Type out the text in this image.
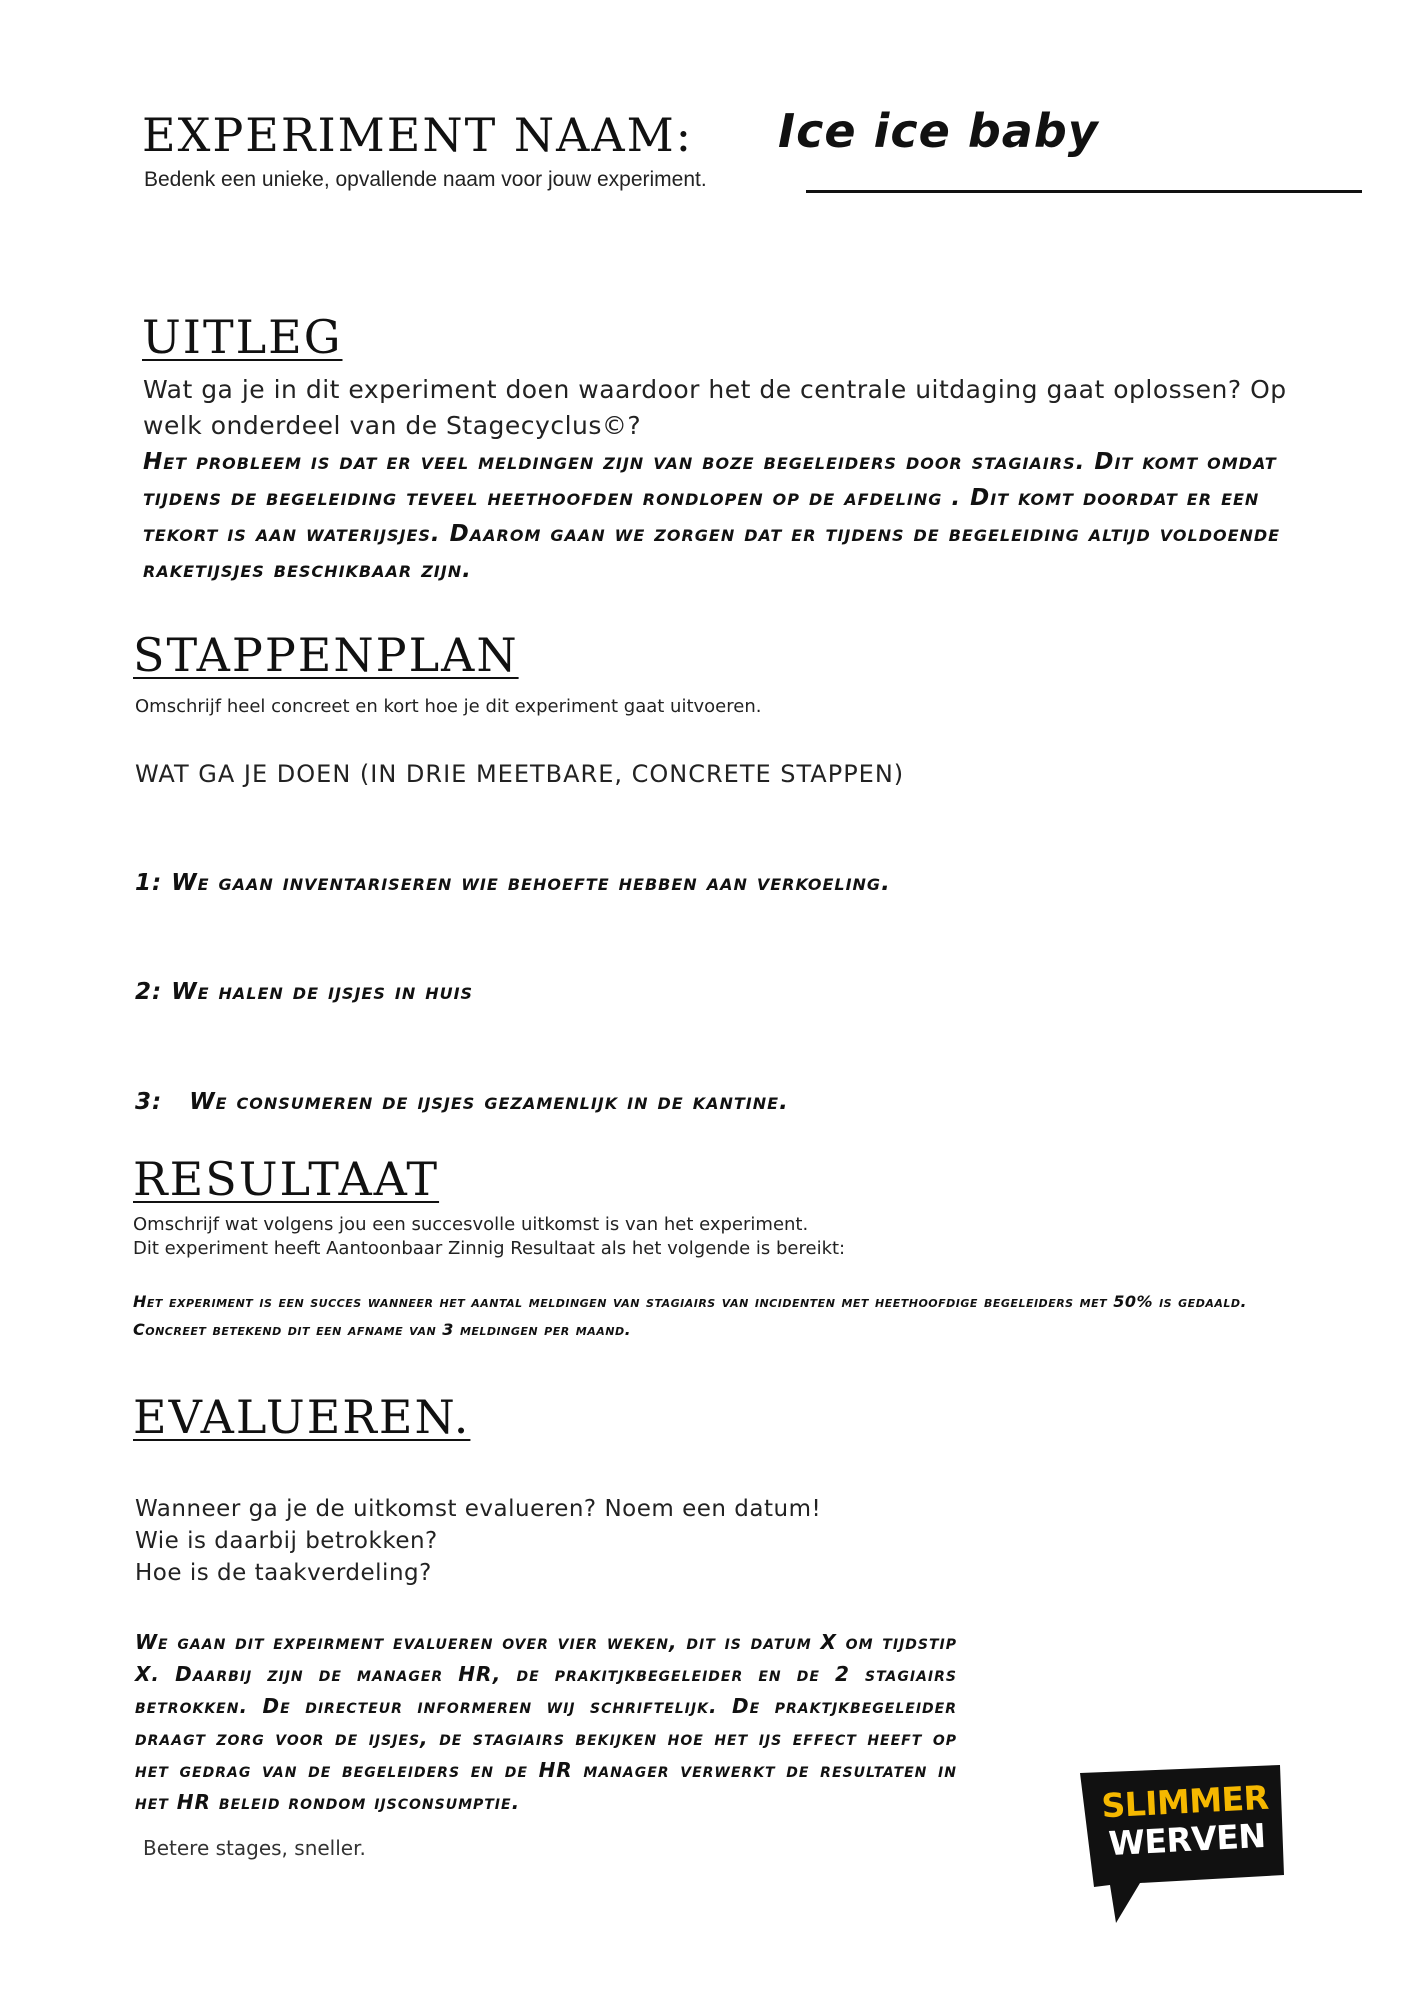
EXPERIMENT NAAM: Ice ice baby
Bedenk een unieke, opvallende naam voor jouw experiment.
UITLEG
Wat ga je in dit experiment doen waardoor het de centrale uitdaging gaat oplossen? Op welk onderdeel van de Stagecyclus©?
Het probleem is dat er veel meldingen zijn van boze begeleiders door stagiairs. Dit komt omdat tijdens de begeleiding teveel heethoofden rondlopen op de afdeling . Dit komt doordat er een tekort is aan waterijsjes. Daarom gaan we zorgen dat er tijdens de begeleiding altijd voldoende raketijsjes beschikbaar zijn.
STAPPENPLAN
Omschrijf heel concreet en kort hoe je dit experiment gaat uitvoeren.
WAT GA JE DOEN (IN DRIE MEETBARE, CONCRETE STAPPEN)
1: We gaan inventariseren wie behoefte hebben aan verkoeling.
2: We halen de ijsjes in huis
3:   We consumeren de ijsjes gezamenlijk in de kantine.
RESULTAAT
Omschrijf wat volgens jou een succesvolle uitkomst is van het experiment.
Dit experiment heeft Aantoonbaar Zinnig Resultaat als het volgende is bereikt:
Het experiment is een succes wanneer het aantal meldingen van stagiairs van incidenten met heethoofdige begeleiders met 50% is gedaald. Concreet betekend dit een afname van 3 meldingen per maand.
EVALUEREN.
Wanneer ga je de uitkomst evalueren? Noem een datum!
Wie is daarbij betrokken?
Hoe is de taakverdeling?
We gaan dit expeirment evalueren over vier weken, dit is datum X om tijdstip X. Daarbij zijn de manager HR, de prakitjkbegeleider en de 2 stagiairs betrokken. De directeur informeren wij schriftelijk. De praktjkbegeleider draagt zorg voor de ijsjes, de stagiairs bekijken hoe het ijs effect heeft op het gedrag van de begeleiders en de HR manager verwerkt de resultaten in het HR beleid rondom ijsconsumptie.
Betere stages, sneller.
SLIMMER
WERVEN
